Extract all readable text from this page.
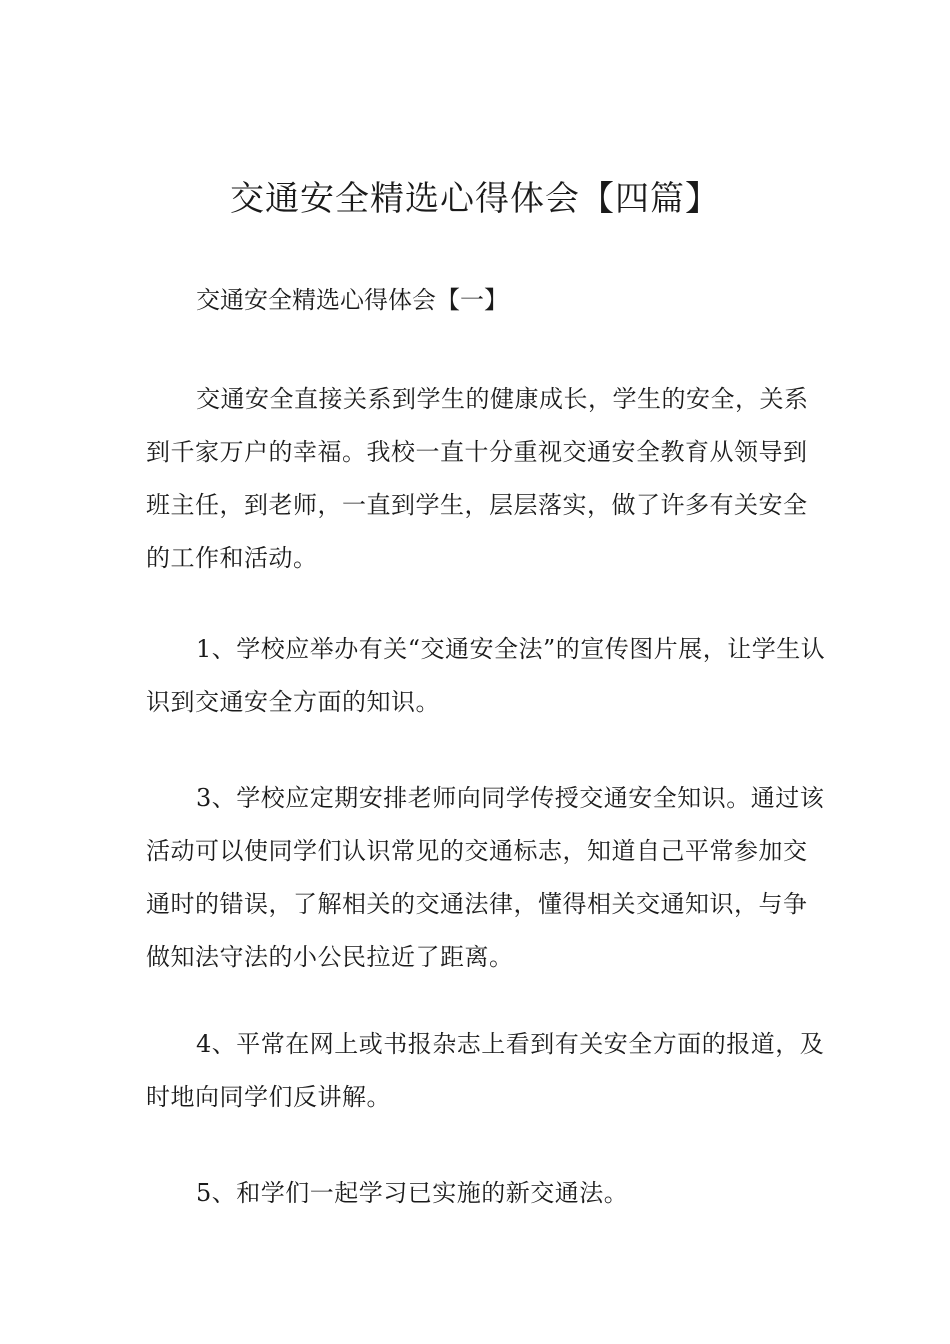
交通安全精选心得体会【四篇】
交通安全精选心得体会【一】

交通安全直接关系到学生的健康成长，学生的安全，关系到千家万户的幸福。我校一直十分重视交通安全教育从领导到班主任，到老师，一直到学生，层层落实，做了许多有关安全的工作和活动。

1、学校应举办有关“交通安全法”的宣传图片展，让学生认识到交通安全方面的知识。

3、学校应定期安排老师向同学传授交通安全知识。通过该活动可以使同学们认识常见的交通标志，知道自己平常参加交通时的错误，了解相关的交通法律，懂得相关交通知识，与争做知法守法的小公民拉近了距离。

4、平常在网上或书报杂志上看到有关安全方面的报道，及时地向同学们反讲解。

5、和学们一起学习已实施的新交通法。
